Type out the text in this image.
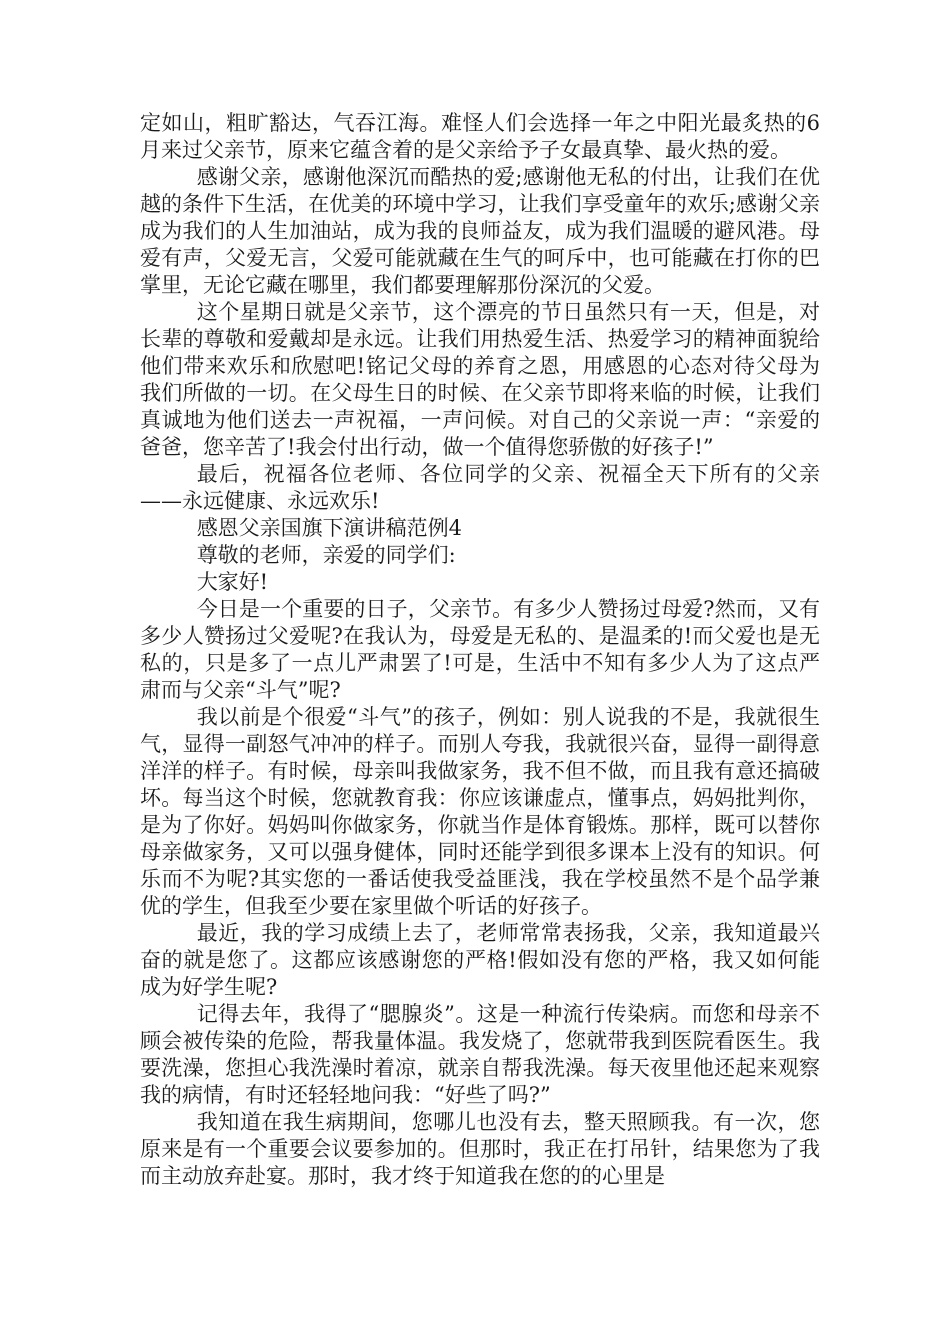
定如山，粗旷豁达，气吞江海。难怪人们会选择一年之中阳光最炙热的6月来过父亲节，原来它蕴含着的是父亲给予子女最真挚、最火热的爱。

感谢父亲，感谢他深沉而酷热的爱;感谢他无私的付出，让我们在优越的条件下生活，在优美的环境中学习，让我们享受童年的欢乐;感谢父亲成为我们的人生加油站，成为我的良师益友，成为我们温暖的避风港。母爱有声，父爱无言，父爱可能就藏在生气的呵斥中，也可能藏在打你的巴掌里，无论它藏在哪里，我们都要理解那份深沉的父爱。

这个星期日就是父亲节，这个漂亮的节日虽然只有一天，但是，对长辈的尊敬和爱戴却是永远。让我们用热爱生活、热爱学习的精神面貌给他们带来欢乐和欣慰吧!铭记父母的养育之恩，用感恩的心态对待父母为我们所做的一切。在父母生日的时候、在父亲节即将来临的时候，让我们真诚地为他们送去一声祝福，一声问候。对自己的父亲说一声：“亲爱的爸爸，您辛苦了!我会付出行动，做一个值得您骄傲的好孩子!”

最后，祝福各位老师、各位同学的父亲、祝福全天下所有的父亲——永远健康、永远欢乐!

感恩父亲国旗下演讲稿范例4

尊敬的老师，亲爱的同学们:

大家好!

今日是一个重要的日子，父亲节。有多少人赞扬过母爱?然而，又有多少人赞扬过父爱呢?在我认为，母爱是无私的、是温柔的!而父爱也是无私的，只是多了一点儿严肃罢了!可是，生活中不知有多少人为了这点严肃而与父亲“斗气”呢?

我以前是个很爱“斗气”的孩子，例如：别人说我的不是，我就很生气，显得一副怒气冲冲的样子。而别人夸我，我就很兴奋，显得一副得意洋洋的样子。有时候，母亲叫我做家务，我不但不做，而且我有意还搞破坏。每当这个时候，您就教育我：你应该谦虚点，懂事点，妈妈批判你，是为了你好。妈妈叫你做家务，你就当作是体育锻炼。那样，既可以替你母亲做家务，又可以强身健体，同时还能学到很多课本上没有的知识。何乐而不为呢?其实您的一番话使我受益匪浅，我在学校虽然不是个品学兼优的学生，但我至少要在家里做个听话的好孩子。

最近，我的学习成绩上去了，老师常常表扬我，父亲，我知道最兴奋的就是您了。这都应该感谢您的严格!假如没有您的严格，我又如何能成为好学生呢?

记得去年，我得了“腮腺炎”。这是一种流行传染病。而您和母亲不顾会被传染的危险，帮我量体温。我发烧了，您就带我到医院看医生。我要洗澡，您担心我洗澡时着凉，就亲自帮我洗澡。每天夜里他还起来观察我的病情，有时还轻轻地问我：“好些了吗?”

我知道在我生病期间，您哪儿也没有去，整天照顾我。有一次，您原来是有一个重要会议要参加的。但那时，我正在打吊针，结果您为了我而主动放弃赴宴。那时，我才终于知道我在您的的心里是
